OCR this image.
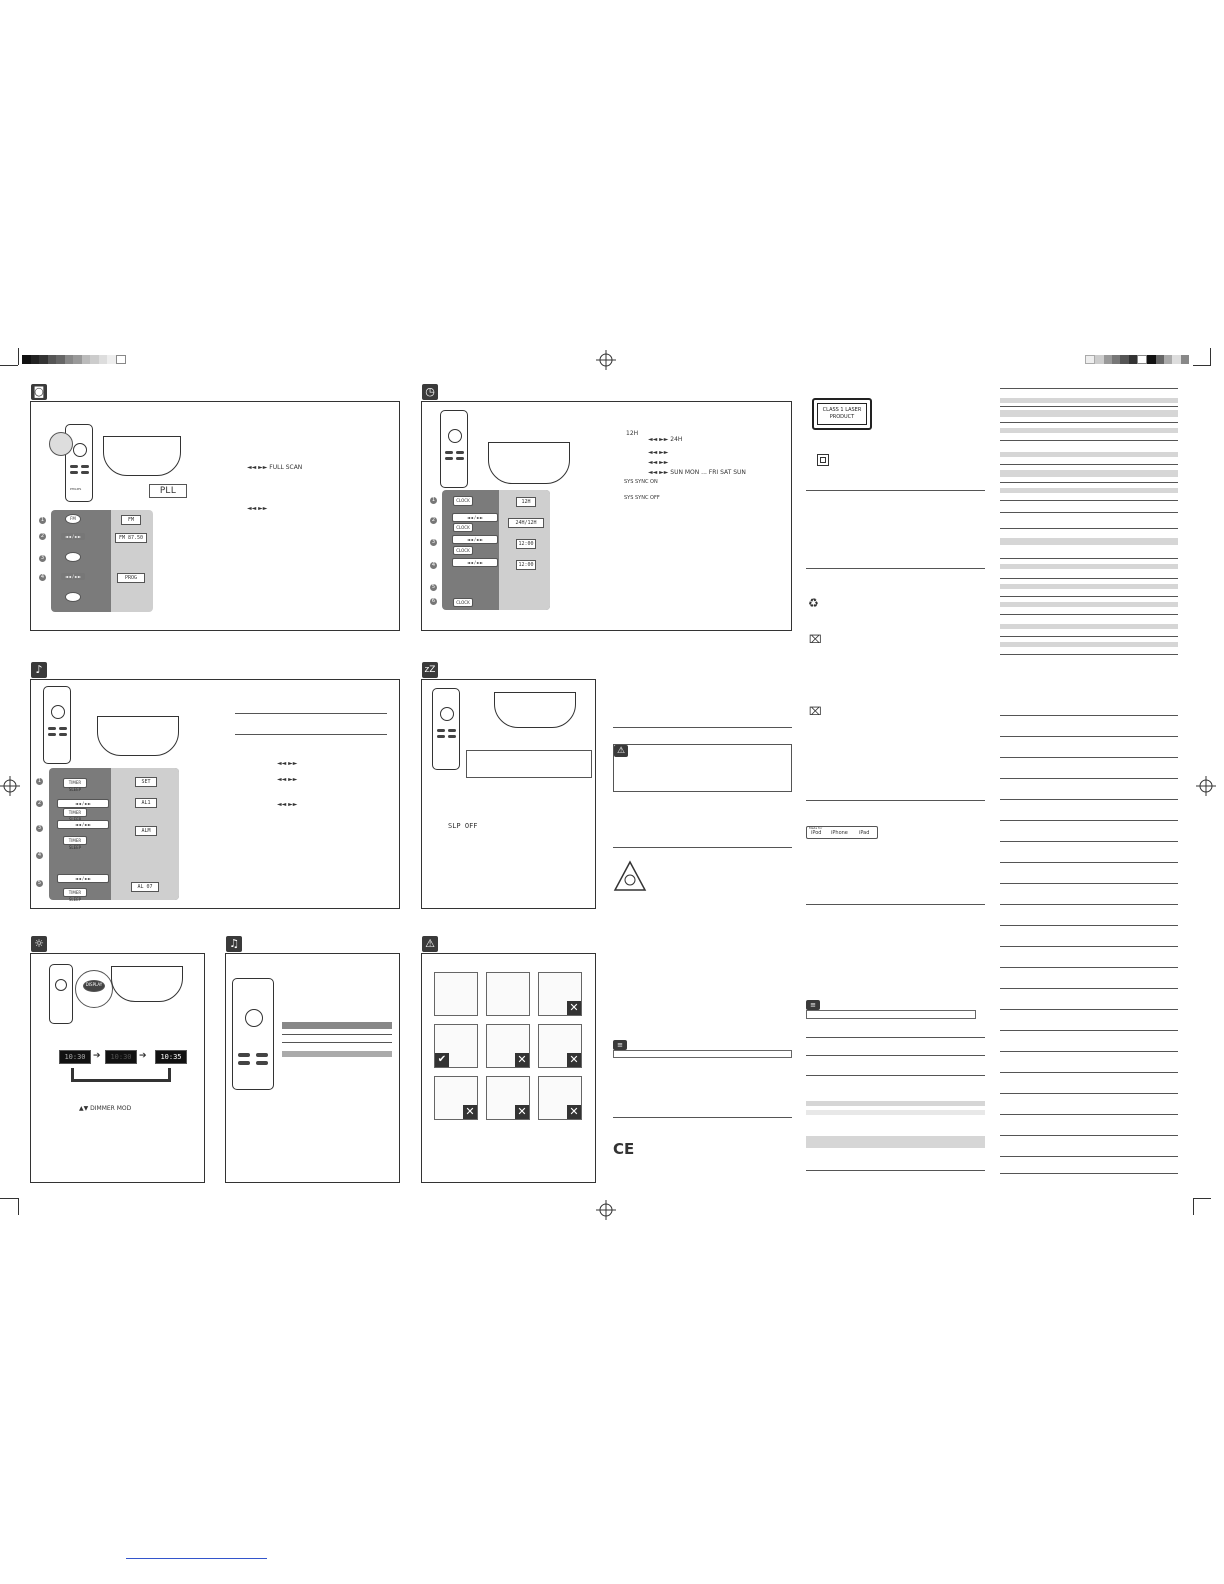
◙
PHILIPS	PLL
1
2
3
4
FM
◄◄ / ►►
◄◄ / ►►
FM
FM 87.50
PROG
◄◄ ►► FULL SCAN
◄◄ ►►
◷
1
2
3
4
5
6
CLOCK
◄◄ / ►►
CLOCK
◄◄ / ►►
CLOCK
◄◄ / ►►
CLOCK
12H
24H/12H
12:00
12:00
12H
◄◄ ►► 24H
◄◄ ►►
◄◄ ►►
◄◄ ►► SUN MON ... FRI SAT SUN
SYS SYNC ON
SYS SYNC OFF
♪
1
2
3
4
5
TIMER SLEEP
◄◄ / ►►
TIMER
◄◄ / ►►
TIMER SLEEP
◄◄ / ►►
TIMER SLEEP
SET
AL1
ALM
AL 07
◄◄ ►►
◄◄ ►►
◄◄ ►►
zZ
SLP OFF
☼
DISPLAY
10:30 ➔	10:30 ➔	10:35
▲▼ DIMMER MOD
♫	⚠
✕
✔	✕	✕
✕	✕	✕
⚠
≡
CE
CLASS 1 LASER PRODUCT
♻
⌧
⌧
Made for
iPod iPhone iPad
≡
